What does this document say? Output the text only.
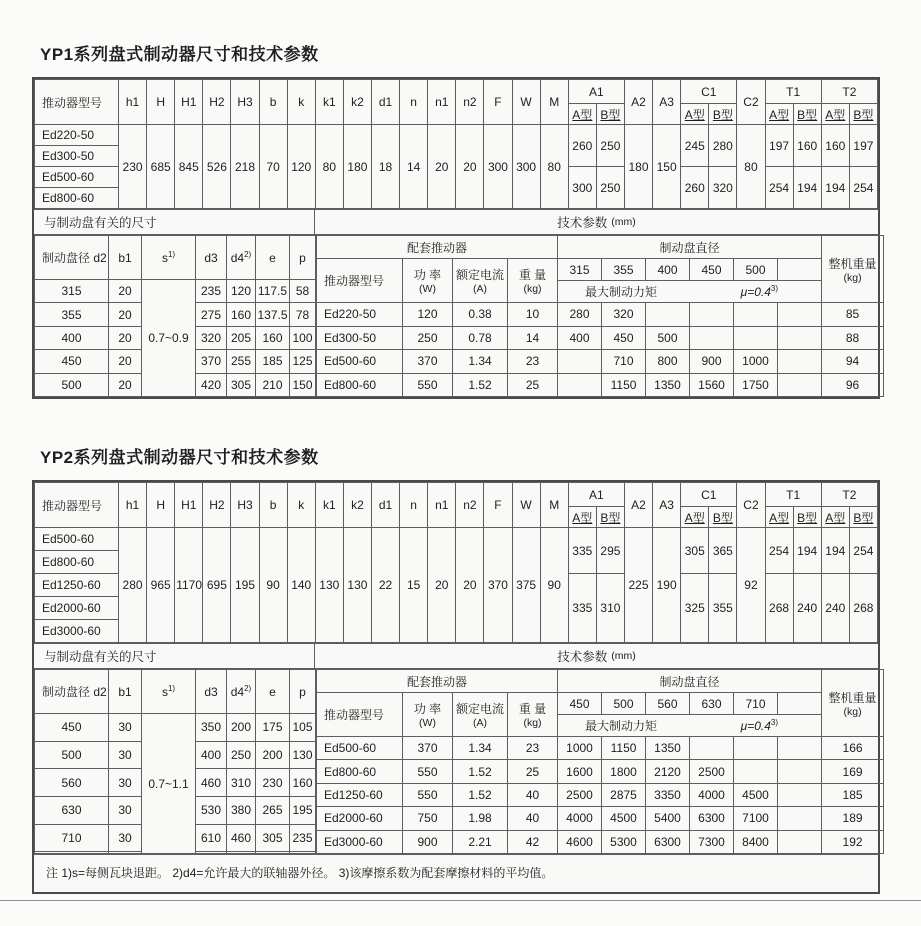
YP1系列盘式制动器尺寸和技术参数
推动器型号	h1	H	H1	H2	H3	b	k	k1	k2	d1	n	n1	n2	F	W	M	A1		A2	A3	C1		C2	T1		T2	
																	A型	B型			A型	B型		A型	B型	A型	B型
Ed220-50	230	685	845	526	218	70	120	80	180	18	14	20	20	300	300	80	260	250	180	150	245	280	80	197	160	160	197
Ed300-50																											
Ed500-60																	300	250			260	320		254	194	194	254
Ed800-60																											
与制动盘有关的尺寸	技术参数 (mm)
制动盘径 d2	b1	$s^{1)}$	d3	d4$^{2)}$	e	p
315	20	0.7~0.9	235	120	117.5	58
355	20		275	160	137.5	78
400	20		320	205	160	100
450	20		370	255	185	125
500	20		420	305	210	150
配套推动器				制动盘直径						整机重量
(kg)

推动器型号	功 率
(W)

额定电流
(A)

重 量
(kg)
	315	355	400	450	500	

				最大制动力矩 $\mu=0.4^{3)}$

Ed220-50	120	0.38	10	280	320					85
Ed300-50	250	0.78	14	400	450	500				88
Ed500-60	370	1.34	23		710	800	900	1000		94
Ed800-60	550	1.52	25		1150	1350	1560	1750		96
YP2系列盘式制动器尺寸和技术参数
推动器型号	h1	H	H1	H2	H3	b	k	k1	k2	d1	n	n1	n2	F	W	M	A1		A2	A3	C1		C2	T1		T2	
																	A型	B型			A型	B型		A型	B型	A型	B型
Ed500-60	280	965	1170	695	195	90	140	130	130	22	15	20	20	370	375	90	335	295	225	190	305	365	92	254	194	194	254
Ed800-60																											
Ed1250-60																	335	310			325	355		268	240	240	268
Ed2000-60																											
Ed3000-60																											
与制动盘有关的尺寸	技术参数 (mm)
制动盘径 d2	b1	$s^{1)}$	d3	d4$^{2)}$	e	p
450	30	0.7~1.1	350	200	175	105
500	30		400	250	200	130
560	30		460	310	230	160
630	30		530	380	265	195
710	30		610	460	305	235

配套推动器				制动盘直径						整机重量
(kg)

推动器型号	功 率
(W)

额定电流
(A)

重 量
(kg)
	450	500	560	630	710	

				最大制动力矩 $\mu=0.4^{3)}$

Ed500-60	370	1.34	23	1000	1150	1350				166
Ed800-60	550	1.52	25	1600	1800	2120	2500			169
Ed1250-60	550	1.52	40	2500	2875	3350	4000	4500		185
Ed2000-60	750	1.98	40	4000	4500	5400	6300	7100		189
Ed3000-60	900	2.21	42	4600	5300	6300	7300	8400		192
注 1)s=每侧瓦块退距。 2)d4=允许最大的联轴器外径。 3)该摩擦系数为配套摩擦材料的平均值。
